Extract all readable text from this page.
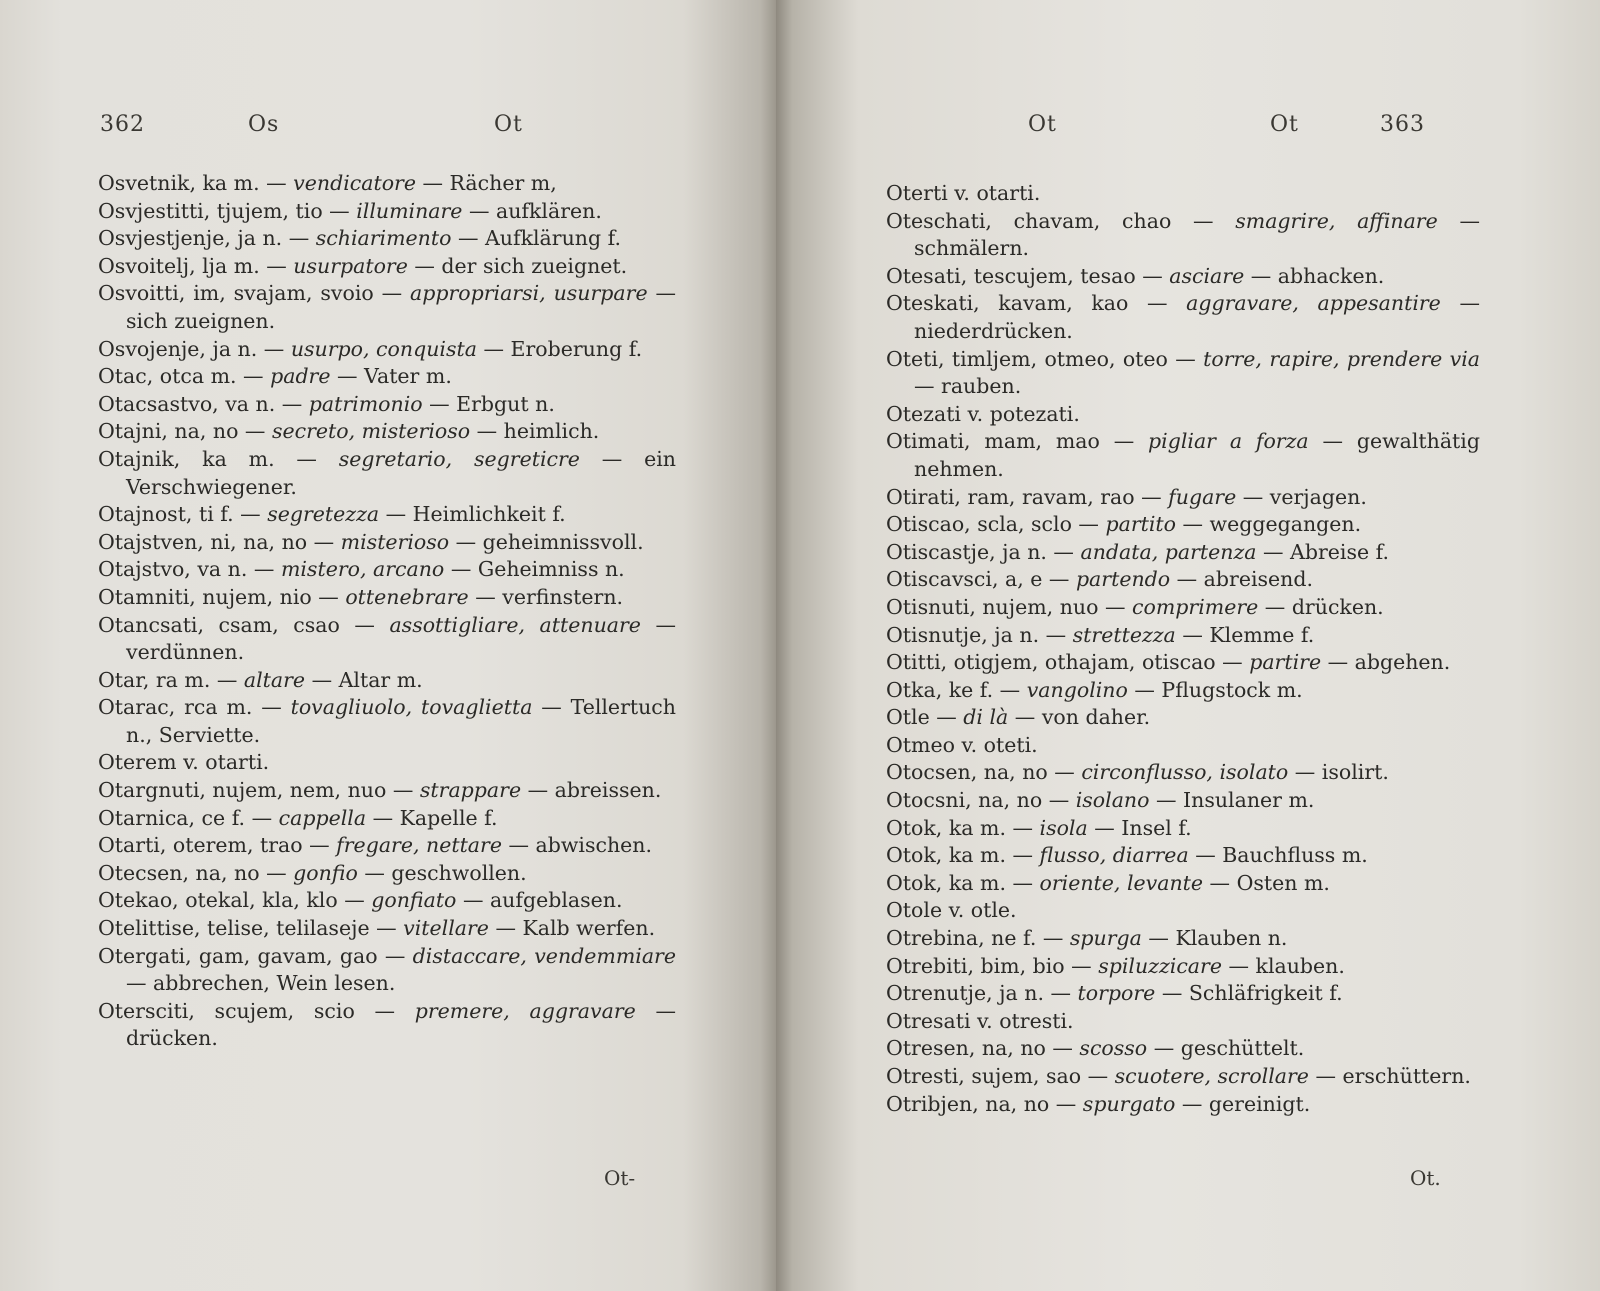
362	Os	Ot
Osvetnik, ka m. — vendicatore — Rächer m,
Osvjestitti, tjujem, tio — illuminare — aufklären.
Osvjestjenje, ja n. — schiarimento — Aufklärung f.
Osvoitelj, lja m. — usurpatore — der sich zueignet.
Osvoitti, im, svajam, svoio — appropriarsi, usurpare — sich zueignen.
Osvojenje, ja n. — usurpo, conquista — Eroberung f.
Otac, otca m. — padre — Vater m.
Otacsastvo, va n. — patrimonio — Erbgut n.
Otajni, na, no — secreto, misterioso — heimlich.
Otajnik, ka m. — segretario, segreticre — ein Verschwiegener.
Otajnost, ti f. — segretezza — Heimlichkeit f.
Otajstven, ni, na, no — misterioso — geheimnissvoll.
Otajstvo, va n. — mistero, arcano — Geheimniss n.
Otamniti, nujem, nio — ottenebrare — verfinstern.
Otancsati, csam, csao — assottigliare, attenuare — verdünnen.
Otar, ra m. — altare — Altar m.
Otarac, rca m. — tovagliuolo, tovaglietta — Tellertuch n., Serviette.
Oterem v. otarti.
Otargnuti, nujem, nem, nuo — strappare — abreissen.
Otarnica, ce f. — cappella — Kapelle f.
Otarti, oterem, trao — fregare, nettare — abwischen.
Otecsen, na, no — gonfio — geschwollen.
Otekao, otekal, kla, klo — gonfiato — aufgeblasen.
Otelittise, telise, telilaseje — vitellare — Kalb werfen.
Otergati, gam, gavam, gao — distaccare, vendemmiare — abbrechen, Wein lesen.
Otersciti, scujem, scio — premere, aggravare — drücken.
Ot-
Ot	Ot	363
Oterti v. otarti.
Oteschati, chavam, chao — smagrire, affinare — schmälern.
Otesati, tescujem, tesao — asciare — abhacken.
Oteskati, kavam, kao — aggravare, appesantire — niederdrücken.
Oteti, timljem, otmeo, oteo — torre, rapire, prendere via — rauben.
Otezati v. potezati.
Otimati, mam, mao — pigliar a forza — gewalthätig nehmen.
Otirati, ram, ravam, rao — fugare — verjagen.
Otiscao, scla, sclo — partito — weggegangen.
Otiscastje, ja n. — andata, partenza — Abreise f.
Otiscavsci, a, e — partendo — abreisend.
Otisnuti, nujem, nuo — comprimere — drücken.
Otisnutje, ja n. — strettezza — Klemme f.
Otitti, otigjem, othajam, otiscao — partire — abgehen.
Otka, ke f. — vangolino — Pflugstock m.
Otle — di là — von daher.
Otmeo v. oteti.
Otocsen, na, no — circonflusso, isolato — isolirt.
Otocsni, na, no — isolano — Insulaner m.
Otok, ka m. — isola — Insel f.
Otok, ka m. — flusso, diarrea — Bauchfluss m.
Otok, ka m. — oriente, levante — Osten m.
Otole v. otle.
Otrebina, ne f. — spurga — Klauben n.
Otrebiti, bim, bio — spiluzzicare — klauben.
Otrenutje, ja n. — torpore — Schläfrigkeit f.
Otresati v. otresti.
Otresen, na, no — scosso — geschüttelt.
Otresti, sujem, sao — scuotere, scrollare — erschüttern.
Otribjen, na, no — spurgato — gereinigt.
Ot.
